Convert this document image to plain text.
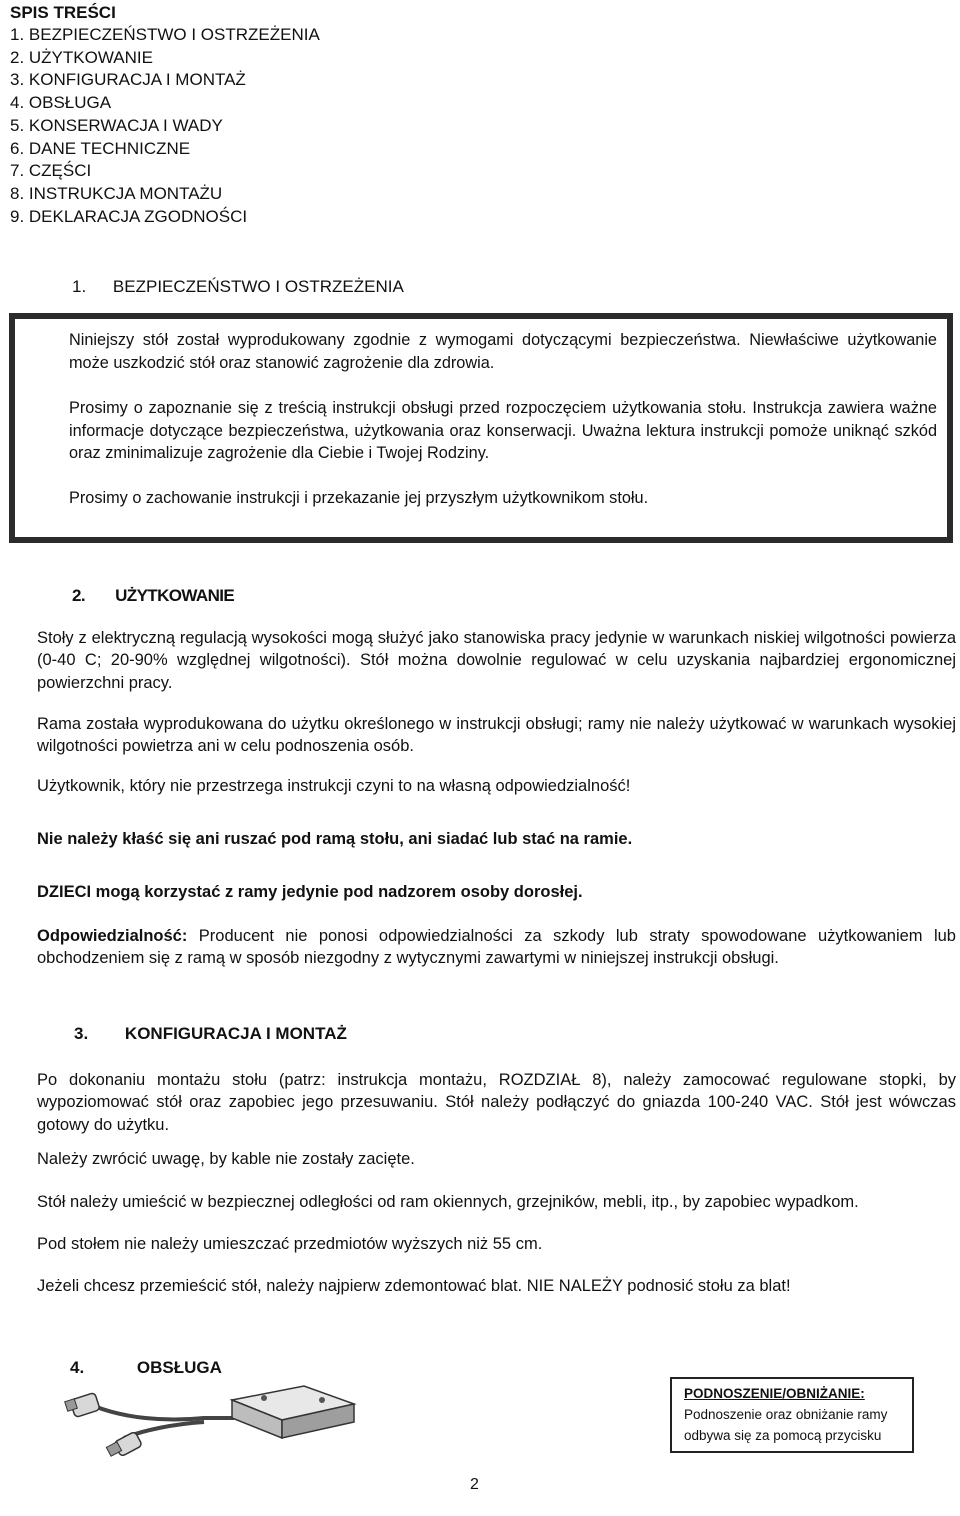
SPIS TREŚCI
1. BEZPIECZEŃSTWO I OSTRZEŻENIA
2. UŻYTKOWANIE
3. KONFIGURACJA I MONTAŻ
4. OBSŁUGA
5. KONSERWACJA I WADY
6. DANE TECHNICZNE
7. CZĘŚCI
8. INSTRUKCJA MONTAŻU
9. DEKLARACJA ZGODNOŚCI
1. BEZPIECZEŃSTWO I OSTRZEŻENIA

Niniejszy stół został wyprodukowany zgodnie z wymogami dotyczącymi bezpieczeństwa. Niewłaściwe użytkowanie może uszkodzić stół oraz stanowić zagrożenie dla zdrowia.

Prosimy o zapoznanie się z treścią instrukcji obsługi przed rozpoczęciem użytkowania stołu. Instrukcja zawiera ważne informacje dotyczące bezpieczeństwa, użytkowania oraz konserwacji. Uważna lektura instrukcji pomoże uniknąć szkód oraz zminimalizuje zagrożenie dla Ciebie i Twojej Rodziny.

Prosimy o zachowanie instrukcji i przekazanie jej przyszłym użytkownikom stołu.

2. UŻYTKOWANIE

Stoły z elektryczną regulacją wysokości mogą służyć jako stanowiska pracy jedynie w warunkach niskiej wilgotności powierza (0-40 C; 20-90% względnej wilgotności). Stół można dowolnie regulować w celu uzyskania najbardziej ergonomicznej powierzchni pracy.

Rama została wyprodukowana do użytku określonego w instrukcji obsługi; ramy nie należy użytkować w warunkach wysokiej wilgotności powietrza ani w celu podnoszenia osób.

Użytkownik, który nie przestrzega instrukcji czyni to na własną odpowiedzialność!

Nie należy kłaść się ani ruszać pod ramą stołu, ani siadać lub stać na ramie.

DZIECI mogą korzystać z ramy jedynie pod nadzorem osoby dorosłej.

Odpowiedzialność: Producent nie ponosi odpowiedzialności za szkody lub straty spowodowane użytkowaniem lub obchodzeniem się z ramą w sposób niezgodny z wytycznymi zawartymi w niniejszej instrukcji obsługi.

3. KONFIGURACJA I MONTAŻ

Po dokonaniu montażu stołu (patrz: instrukcja montażu, ROZDZIAŁ 8), należy zamocować regulowane stopki, by wypoziomować stół oraz zapobiec jego przesuwaniu. Stół należy podłączyć do gniazda 100-240 VAC. Stół jest wówczas gotowy do użytku.

Należy zwrócić uwagę, by kable nie zostały zacięte.

Stół należy umieścić w bezpiecznej odległości od ram okiennych, grzejników, mebli, itp., by zapobiec wypadkom.

Pod stołem nie należy umieszczać przedmiotów wyższych niż 55 cm.

Jeżeli chcesz przemieścić stół, należy najpierw zdemontować blat. NIE NALEŻY podnosić stołu za blat!

4.	OBSŁUGA
PODNOSZENIE/OBNIŻANIE:
Podnoszenie oraz obniżanie ramy
odbywa się za pomocą przycisku
2
